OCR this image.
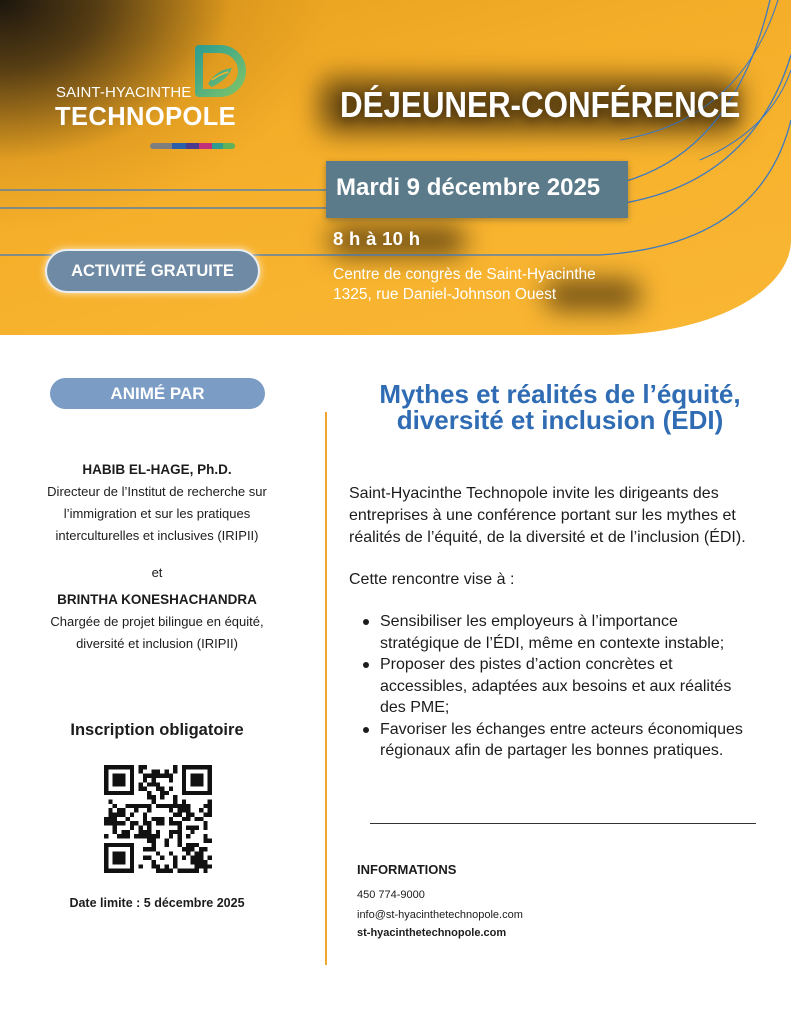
SAINT-HYACINTHE
TECHNOPOLE	DÉJEUNER-CONFÉRENCE
Mardi 9 décembre 2025
8 h à 10 h
ACTIVITÉ GRATUITE	Centre de congrès de Saint-Hyacinthe
1325, rue Daniel-Johnson Ouest
ANIMÉ PAR
HABIB EL-HAGE, Ph.D.
Directeur de l’Institut de recherche sur
l’immigration et sur les pratiques
interculturelles et inclusives (IRIPII)
et
BRINTHA KONESHACHANDRA
Chargée de projet bilingue en équité,
diversité et inclusion (IRIPII)
Inscription obligatoire
Date limite : 5 décembre 2025
Mythes et réalités de l’équité,
diversité et inclusion (ÉDI)
Saint-Hyacinthe Technopole invite les dirigeants des entreprises à une conférence portant sur les mythes et réalités de l’équité, de la diversité et de l’inclusion (ÉDI).
Cette rencontre vise à :
Sensibiliser les employeurs à l’importance stratégique de l’ÉDI, même en contexte instable;
Proposer des pistes d’action concrètes et accessibles, adaptées aux besoins et aux réalités des PME;
Favoriser les échanges entre acteurs économiques régionaux afin de partager les bonnes pratiques.
INFORMATIONS
450 774-9000
info@st-hyacinthetechnopole.com
st-hyacinthetechnopole.com
